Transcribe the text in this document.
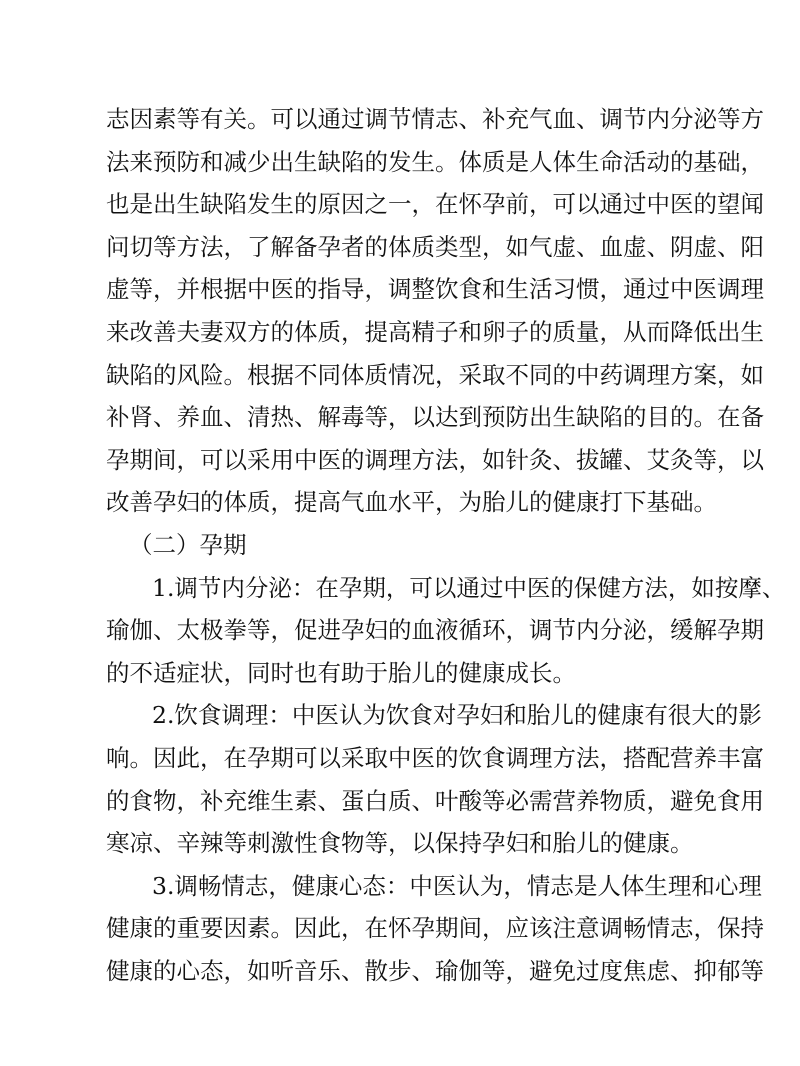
志因素等有关。可以通过调节情志、补充气血、调节内分泌等方
法来预防和减少出生缺陷的发生。体质是人体生命活动的基础，
也是出生缺陷发生的原因之一，在怀孕前，可以通过中医的望闻
问切等方法，了解备孕者的体质类型，如气虚、血虚、阴虚、阳
虚等，并根据中医的指导，调整饮食和生活习惯，通过中医调理
来改善夫妻双方的体质，提高精子和卵子的质量，从而降低出生
缺陷的风险。根据不同体质情况，采取不同的中药调理方案，如
补肾、养血、清热、解毒等，以达到预防出生缺陷的目的。在备
孕期间，可以采用中医的调理方法，如针灸、拔罐、艾灸等，以
改善孕妇的体质，提高气血水平，为胎儿的健康打下基础。
（二）孕期
1.调节内分泌：在孕期，可以通过中医的保健方法，如按摩、
瑜伽、太极拳等，促进孕妇的血液循环，调节内分泌，缓解孕期
的不适症状，同时也有助于胎儿的健康成长。
2.饮食调理：中医认为饮食对孕妇和胎儿的健康有很大的影
响。因此，在孕期可以采取中医的饮食调理方法，搭配营养丰富
的食物，补充维生素、蛋白质、叶酸等必需营养物质，避免食用
寒凉、辛辣等刺激性食物等，以保持孕妇和胎儿的健康。
3.调畅情志，健康心态：中医认为，情志是人体生理和心理
健康的重要因素。因此，在怀孕期间，应该注意调畅情志，保持
健康的心态，如听音乐、散步、瑜伽等，避免过度焦虑、抑郁等
